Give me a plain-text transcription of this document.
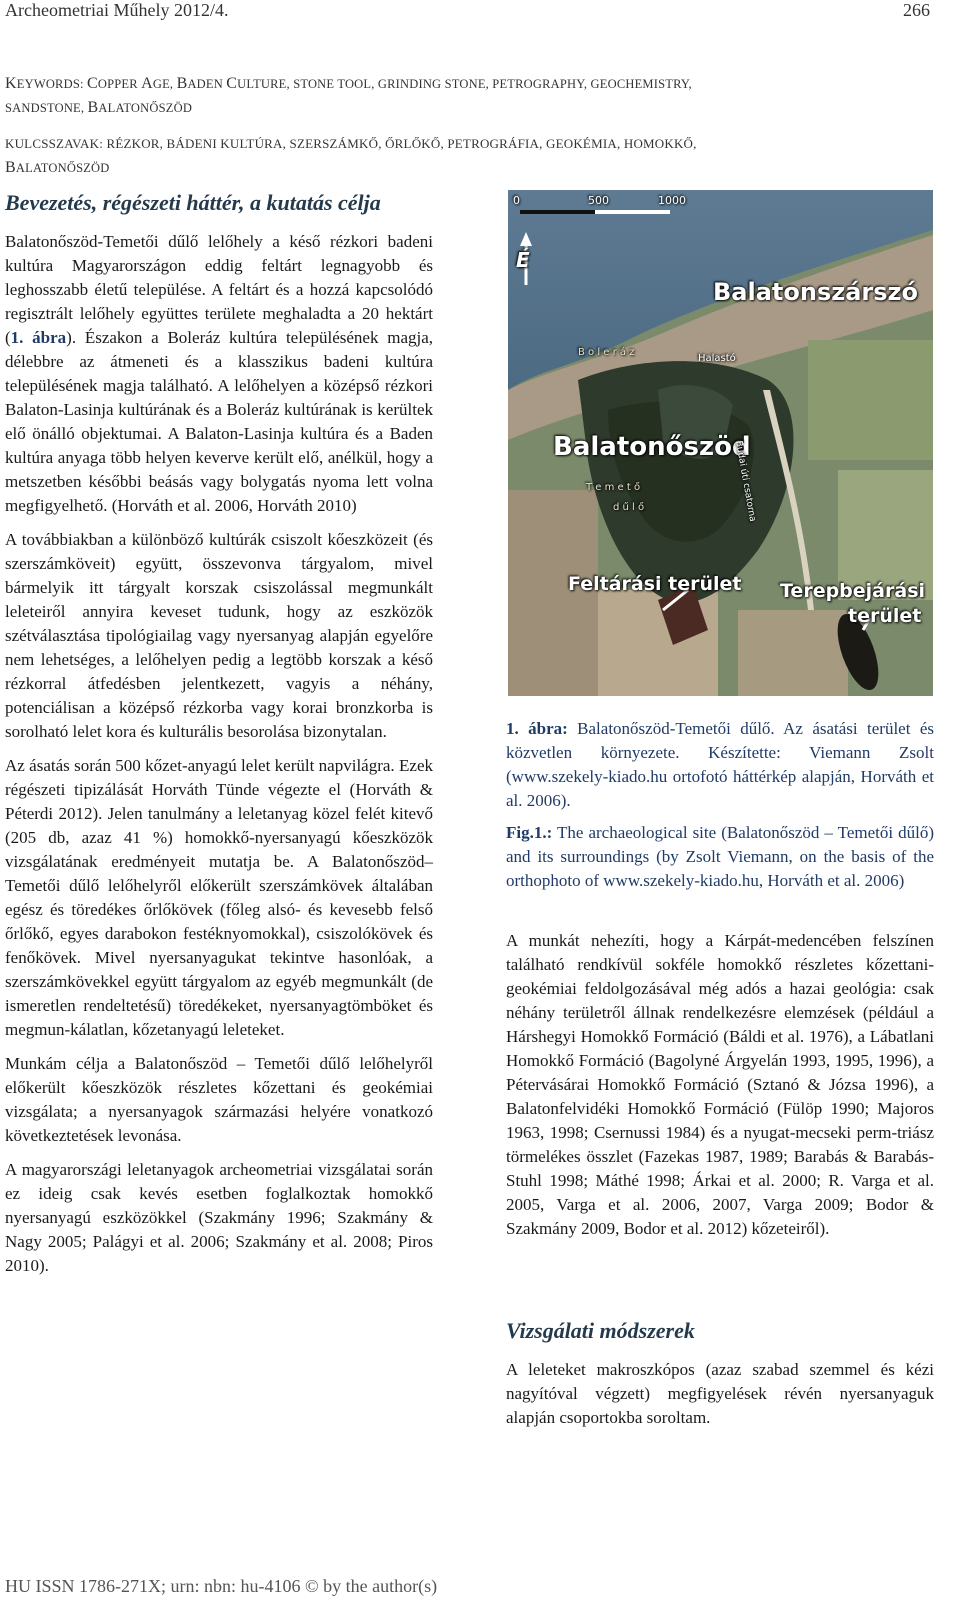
Archeometriai Műhely 2012/4.	266
KEYWORDS: COPPER AGE, BADEN CULTURE, STONE TOOL, GRINDING STONE, PETROGRAPHY, GEOCHEMISTRY,
SANDSTONE, BALATONŐSZÖD
KULCSSZAVAK: RÉZKOR, BÁDENI KULTÚRA, SZERSZÁMKŐ, ŐRLŐKŐ, PETROGRÁFIA, GEOKÉMIA, HOMOKKŐ,
BALATONŐSZÖD
Bevezetés, régészeti háttér, a kutatás célja

Balatonőszöd-Temetői dűlő lelőhely a késő rézkori badeni kultúra Magyarországon eddig feltárt legnagyobb és leghosszabb életű települése. A feltárt és a hozzá kapcsolódó regisztrált lelőhely együttes területe meghaladta a 20 hektárt (1. ábra). Északon a Boleráz kultúra településének magja, délebbre az átmeneti és a klasszikus badeni kultúra településének magja található. A lelőhelyen a középső rézkori Balaton-Lasinja kultúrának és a Boleráz kultúrának is kerültek elő önálló objektumai. A Balaton-Lasinja kultúra és a Baden kultúra anyaga több helyen keverve került elő, anélkül, hogy a metszetben későbbi beásás vagy bolygatás nyoma lett volna megfigyelhető. (Horváth et al. 2006, Horváth 2010)

A továbbiakban a különböző kultúrák csiszolt kőeszközeit (és szerszámköveit) együtt, összevonva tárgyalom, mivel bármelyik itt tárgyalt korszak csiszolással megmunkált leleteiről annyira keveset tudunk, hogy az eszközök szétválasztása tipológiailag vagy nyersanyag alapján egyelőre nem lehetséges, a lelőhelyen pedig a legtöbb korszak a késő rézkorral átfedésben jelentkezett, vagyis a néhány, potenciálisan a középső rézkorba vagy korai bronzkorba is sorolható lelet kora és kulturális besorolása bizonytalan.

Az ásatás során 500 kőzet-anyagú lelet került napvilágra. Ezek régészeti tipizálását Horváth Tünde végezte el (Horváth & Péterdi 2012). Jelen tanulmány a leletanyag közel felét kitevő (205 db, azaz 41 %) homokkő-nyersanyagú kőeszközök vizsgálatának eredményeit mutatja be. A Balatonőszöd–Temetői dűlő lelőhelyről előkerült szerszámkövek általában egész és töredékes őrlőkövek (főleg alsó- és kevesebb felső őrlőkő, egyes darabokon festéknyomokkal), csiszolókövek és fenőkövek. Mivel nyersanyagukat tekintve hasonlóak, a szerszámkövekkel együtt tárgyalom az egyéb megmunkált (de ismeretlen rendeltetésű) töredékeket, nyersanyagtömböket és megmun-kálatlan, kőzetanyagú leleteket.

Munkám célja a Balatonőszöd – Temetői dűlő lelőhelyről előkerült kőeszközök részletes kőzettani és geokémiai vizsgálata; a nyersanyagok származási helyére vonatkozó következtetések levonása.

A magyarországi leletanyagok archeometriai vizsgálatai során ez ideig csak kevés esetben foglalkoztak homokkő nyersanyagú eszközökkel (Szakmány 1996; Szakmány & Nagy 2005; Palágyi et al. 2006; Szakmány et al. 2008; Piros 2010).

0	500	1000
É
Balatonszárszó
Halastó
B o l e r á z
Balatonőszöd
T e m e t ő
d ű l ő	Budai úti csatorna
Feltárási terület Terepbejárási
terület
1. ábra: Balatonőszöd-Temetői dűlő. Az ásatási terület és közvetlen környezete. Készítette: Viemann Zsolt (www.szekely-kiado.hu ortofotó háttérkép alapján, Horváth et al. 2006).
Fig.1.: The archaeological site (Balatonőszöd – Temetői dűlő) and its surroundings (by Zsolt Viemann, on the basis of the orthophoto of www.szekely-kiado.hu, Horváth et al. 2006)

A munkát nehezíti, hogy a Kárpát-medencében felszínen található rendkívül sokféle homokkő részletes kőzettani-geokémiai feldolgozásával még adós a hazai geológia: csak néhány területről állnak rendelkezésre elemzések (például a Hárshegyi Homokkő Formáció (Báldi et al. 1976), a Lábatlani Homokkő Formáció (Bagolyné Árgyelán 1993, 1995, 1996), a Pétervásárai Homokkő Formáció (Sztanó & Józsa 1996), a Balatonfelvidéki Homokkő Formáció (Fülöp 1990; Majoros 1963, 1998; Csernussi 1984) és a nyugat-mecseki perm-triász törmelékes összlet (Fazekas 1987, 1989; Barabás & Barabás-Stuhl 1998; Máthé 1998; Árkai et al. 2000; R. Varga et al. 2005, Varga et al. 2006, 2007, Varga 2009; Bodor & Szakmány 2009, Bodor et al. 2012) kőzeteiről).

Vizsgálati módszerek

A leleteket makroszkópos (azaz szabad szemmel és kézi nagyítóval végzett) megfigyelések révén nyersanyaguk alapján csoportokba soroltam.

HU ISSN 1786-271X; urn: nbn: hu-4106 © by the author(s)
